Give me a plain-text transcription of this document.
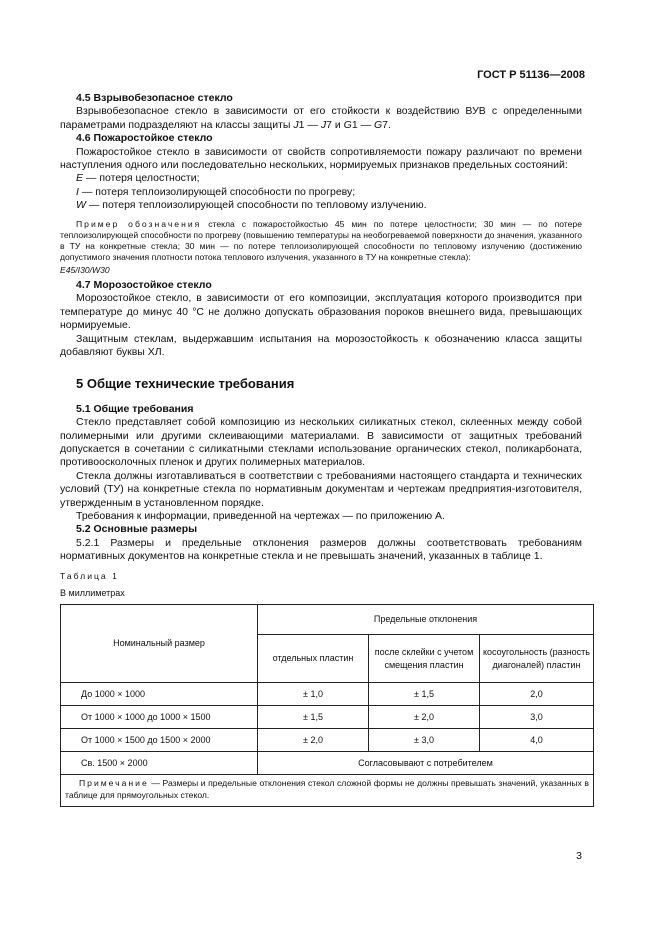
ГОСТ Р 51136—2008

4.5 Взрывобезопасное стекло

Взрывобезопасное стекло в зависимости от его стойкости к воздействию ВУВ с определенными параметрами подразделяют на классы защиты J1 — J7 и G1 — G7.

4.6 Пожаростойкое стекло

Пожаростойкое стекло в зависимости от свойств сопротивляемости пожару различают по времени наступления одного или последовательно нескольких, нормируемых признаков предельных состояний:

E — потеря целостности;

I — потеря теплоизолирующей способности по прогреву;

W — потеря теплоизолирующей способности по тепловому излучению.

Пример обозначения стекла с пожаростойкостью 45 мин по потере целостности; 30 мин — по потере теплоизолирующей способности по прогреву (повышению температуры на необогреваемой поверхности до значения, указанного в ТУ на конкретные стекла; 30 мин — по потере теплоизолирующей способности по тепловому излучению (достижению допустимого значения плотности потока теплового излучения, указанного в ТУ на конкретные стекла):

E45/I30/W30

4.7 Морозостойкое стекло

Морозостойкое стекло, в зависимости от его композиции, эксплуатация которого производится при температуре до минус 40 °С не должно допускать образования пороков внешнего вида, превышающих нормируемые.

Защитным стеклам, выдержавшим испытания на морозостойкость к обозначению класса защиты добавляют буквы ХЛ.

5 Общие технические требования

5.1 Общие требования

Стекло представляет собой композицию из нескольких силикатных стекол, склеенных между собой полимерными или другими склеивающими материалами. В зависимости от защитных требований допускается в сочетании с силикатными стеклами использование органических стекол, поликарбоната, противоосколочных пленок и других полимерных материалов.

Стекла должны изготавливаться в соответствии с требованиями настоящего стандарта и технических условий (ТУ) на конкретные стекла по нормативным документам и чертежам предприятия-изготовителя, утвержденным в установленном порядке.

Требования к информации, приведенной на чертежах — по приложению А.

5.2 Основные размеры

5.2.1 Размеры и предельные отклонения размеров должны соответствовать требованиям нормативных документов на конкретные стекла и не превышать значений, указанных в таблице 1.

Таблица 1

В миллиметрах

Номинальный размер	Предельные отклонения		
	отдельных пластин	после склейки с учетом смещения пластин	косоугольность (разность диагоналей) пластин
До 1000 × 1000	± 1,0	± 1,5	2,0
От 1000 × 1000 до 1000 × 1500	± 1,5	± 2,0	3,0
От 1000 × 1500 до 1500 × 2000	± 2,0	± 3,0	4,0
Св. 1500 × 2000	Согласовывают с потребителем		
Примечание — Размеры и предельные отклонения стекол сложной формы не должны превышать значений, указанных в таблице для прямоугольных стекол.			
3
